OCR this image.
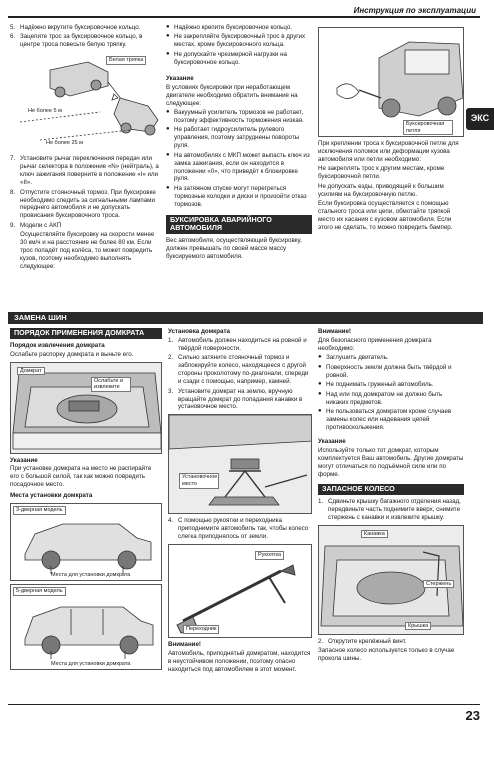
Инструкция по эксплуатации
ЭКС
5. Надёжно вкрутите буксировочное кольцо.
6. Зацепите трос за буксировочное кольцо, в центре троса повесьте белую тряпку.
Белая тряпка
Не более 5 м
Не более 25 м
7. Установите рычаг переключения передач или рычаг селектора в положение «N» (нейтраль), а ключ зажигания поверните в положение «I» или «II».
8. Отпустите стояночный тормоз. При буксировке необходимо следить за сигнальными лампами переднего автомобиля и не допускать провисания буксировочного троса.
9. Модели с АКП

Осуществляйте буксировку на скорости менее 30 км/ч и на расстояние не более 80 км. Если трос попадёт под колёса, то может повредить кузов, поэтому необходимо выполнять следующее:

● Надёжно крепите буксировочное кольцо.
● Не закрепляйте буксировочный трос в других местах, кроме буксировочного кольца.
● Не допускайте чрезмерной нагрузки на буксировочное кольцо.
Указание

В условиях буксировки при неработающем двигателе необходимо обратить внимание на следующее:

● Вакуумный усилитель тормозов не работает, поэтому эффективность торможения низкая.
● Не работает гидроусилитель рулевого управления, поэтому затруднены повороты руля.
● На автомобилях с МКП может выпасть ключ из замка зажигания, если он находится в положении «0», что приведёт к блокировке руля.
● На затяжном спуске могут перегреться тормозные колодки и диски и произойти отказ тормозов.
БУКСИРОВКА АВАРИЙНОГО АВТОМОБИЛЯ

Вес автомобиля, осуществляющий буксировку, должен превышать по своей массе массу буксируемого автомобиля.

Буксировочная петля

При креплении троса к буксировочной петле для исключения поломок или деформации кузова автомобиля или петли необходимо:

Не закреплять трос к другим местам, кроме буксировочной петли.

Не допускать езды, приводящей к большим усилиям на буксировочную петлю.

Если буксировка осуществляется с помощью стального троса или цепи, обмотайте тряпкой место их касания с кузовом автомобиля. Если этого не сделать, то можно повредить бампер.

ЗАМЕНА ШИН
ПОРЯДОК ПРИМЕНЕНИЯ ДОМКРАТА
Порядок извлечения домкрата

Ослабьте распорку домкрата и выньте его.

Домкрат
Ослабьте и извлеките
Указание

При установке домкрата на место не распирайте его с большой силой, так как можно повредить посадочное место.

Места установки домкрата
3-дверная модель
Места для установки домкрата
5-дверная модель
Места для установки домкрата
Установка домкрата
1. Автомобиль должен находиться на ровной и твёрдой поверхности.
2. Сильно затяните стояночный тормоз и заблокируйте колесо, находящееся с другой стороны проколотому по-диагонали, спереди и сзади с помощью, например, камней.
3. Установите домкрат на землю, вручную вращайте домкрат до попадания канавки в установочное место.
Установочное место
4. С помощью рукоятки и переходника приподнимите автомобиль так, чтобы колесо слегка приподнялось от земли.
Рукоятка
Переходник
Внимание!

Автомобиль, приподнятый домкратом, находится в неустойчивом положении, поэтому опасно находиться под автомобилем в этот момент.

Внимание!

Для безопасного применения домкрата необходимо:

● Заглушить двигатель.
● Поверхность земли должна быть твёрдой и ровной.
● Не поднимать груженый автомобиль.
● Над или под домкратом не должно быть никаких предметов.
● Не пользоваться домкратом кроме случаев замены колес или надевания цепей противоскольжения.
Указание

Используйте только тот домкрат, которым комплектуется Ваш автомобиль. Другие домкраты могут отличаться по подъёмной силе или по форме.

ЗАПАСНОЕ КОЛЕСО
1. Сдвиньте крышку багажного отделения назад, передвиньте часть поднимите вверх, снимите стержень с канавки и извлеките крышку.
Канавка
Стержень
Крышка
2. Открутите крепёжный винт.

Запасное колесо используется только в случае прокола шины.

23
